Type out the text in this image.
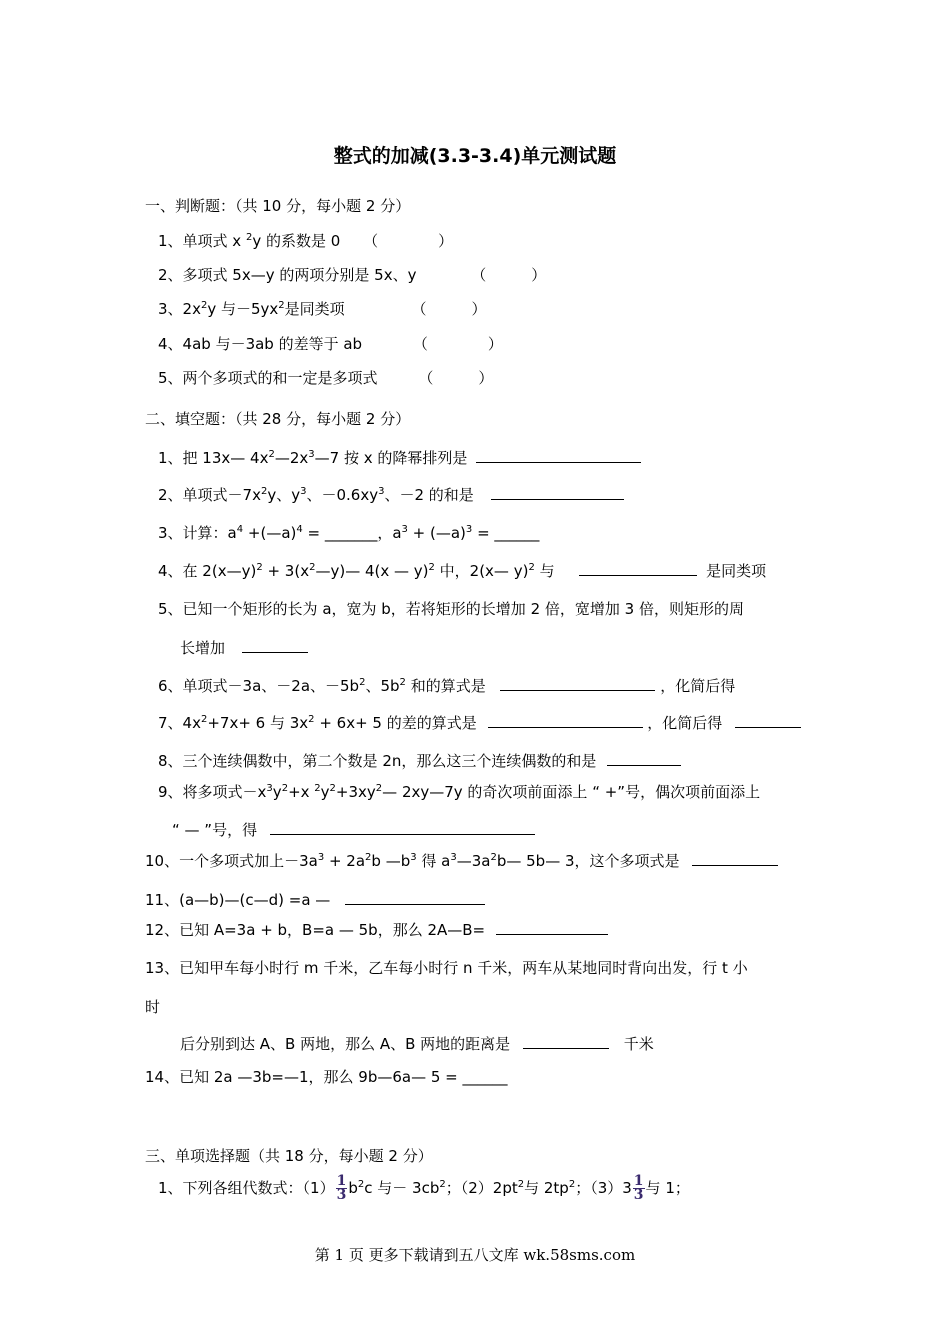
整式的加减(3.3-3.4)单元测试题
一、判断题：（共 10 分，每小题 2 分）
1、单项式 x $^2$y 的系数是 0 （　　　　）
2、多项式 5x—y 的两项分别是 5x、y	（　　　）
3、$2x^2y$ 与$-5yx^2$是同类项	（　　　）
4、4ab 与－3ab 的差等于 ab	（　　　　）
5、两个多项式的和一定是多项式	（　　　）
二、填空题：（共 28 分，每小题 2 分）
1、把 13x— $4x^2—2x^3—7$ 按 x 的降幂排列是
2、单项式$-7x^2y$、$y^3$、$-0.6xy^3$、－2 的和是
3、计算：$a^4$ +(—a)$^4$ = _______，$a^3$ + (—a)$^3$ = ______
4、在 2(x—y)$^2$ + $3(x^2—y)—$ 4(x — y)$^2$ 中，2(x— y)$^2$ 与	是同类项
5、已知一个矩形的长为 a，宽为 b，若将矩形的长增加 2 倍，宽增加 3 倍，则矩形的周
长增加
6、单项式－3a、－2a、$-5b^2$、$5b^2$ 和的算式是	，化简后得
7、$4x^2+7x+ 6$ 与 $3x^2 + 6x+ 5$ 的差的算式是	，化简后得
8、三个连续偶数中，第二个数是 2n，那么这三个连续偶数的和是
9、将多项式$-x^3y^2+x$ $^2y^2+3xy^2—$ 2xy—7y 的奇次项前面添上 “ +”号，偶次项前面添上
“ — ”号，得
10、一个多项式加上$-3a^3 + 2a^2b$ $—b^3$ 得 $a^3—3a^2b—$ 5b— 3，这个多项式是
11、(a—b)—(c—d) =a —
12、已知 A=3a + b，B=a — 5b，那么 2A—B=
13、已知甲车每小时行 m 千米，乙车每小时行 n 千米，两车从某地同时背向出发，行 t 小
时
后分别到达 A、B 两地，那么 A、B 两地的距离是	千米
14、已知 2a —3b=—1，那么 9b—6a— 5 = ______
三、单项选择题（共 18 分，每小题 2 分）
1、下列各组代数式：$(1) \frac{1}{3} b^2c$ 与－ $3cb^2$；$(2)2pt^2$与 $2tp^2$；$(3)3 \frac{1}{3}$ 与 1；
第 1 页 更多下载请到五八文库 wk.58sms.com
